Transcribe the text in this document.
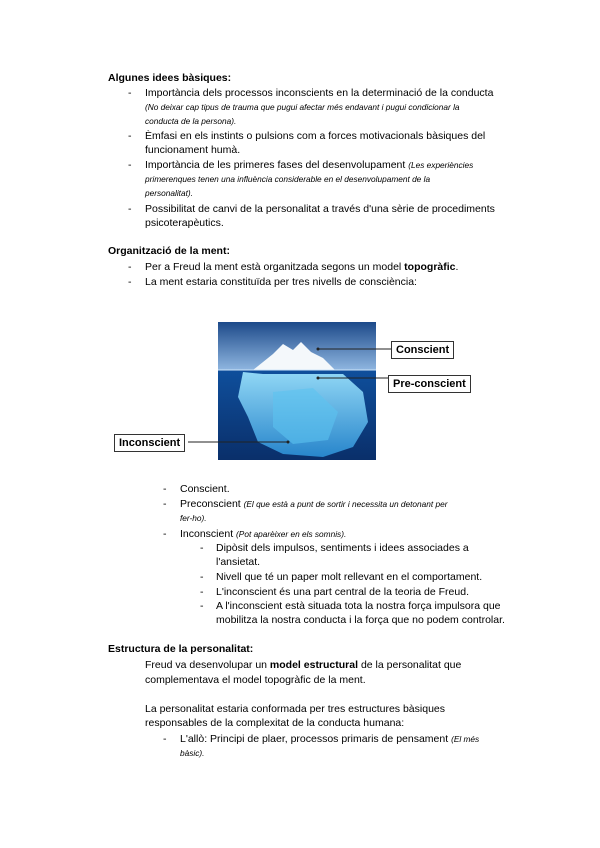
Algunes idees bàsiques:
- Importància dels processos inconscients en la determinació de la conducta
(No deixar cap tipus de trauma que pugui afectar més endavant i pugui condicionar la
conducta de la persona).
- Èmfasi en els instints o pulsions com a forces motivacionals bàsiques del
funcionament humà.
- Importància de les primeres fases del desenvolupament (Les experiències
primerenques tenen una influència considerable en el desenvolupament de la
personalitat).
- Possibilitat de canvi de la personalitat a través d'una sèrie de procediments
psicoterapèutics.
Organització de la ment:
- Per a Freud la ment està organitzada segons un model topogràfic.
- La ment estaria constituïda per tres nivells de consciència:
Conscient
Pre-conscient
Inconscient
- Conscient.
- Preconscient (El que està a punt de sortir i necessita un detonant per
fer-ho).
- Inconscient (Pot aparèixer en els somnis).
- Dipòsit dels impulsos, sentiments i idees associades a
l'ansietat.
- Nivell que té un paper molt rellevant en el comportament.
- L'inconscient és una part central de la teoria de Freud.
- A l'inconscient està situada tota la nostra força impulsora que
mobilitza la nostra conducta i la força que no podem controlar.
Estructura de la personalitat:
Freud va desenvolupar un model estructural de la personalitat que
complementava el model topogràfic de la ment.
La personalitat estaria conformada per tres estructures bàsiques
responsables de la complexitat de la conducta humana:
- L'allò: Principi de plaer, processos primaris de pensament (El més
bàsic).
